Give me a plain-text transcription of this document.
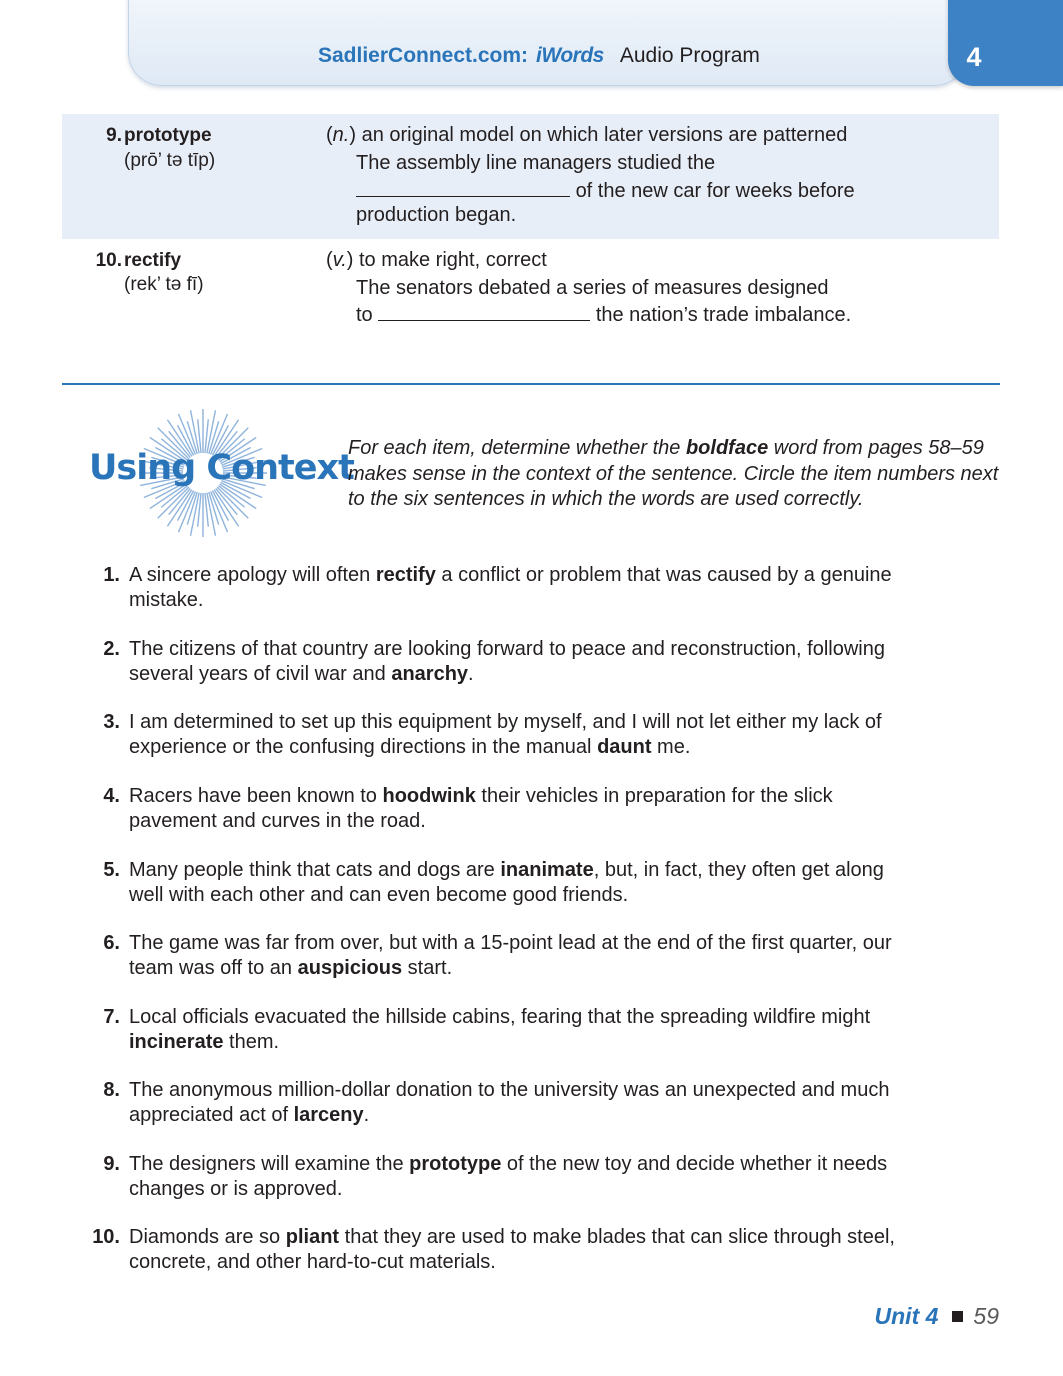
SadlierConnect.com: iWords Audio Program	4
9. prototype
(prō’ tə tīp)
(n.) an original model on which later versions are patterned
The assembly line managers studied the
of the new car for weeks before
production began.
10. rectify
(rek’ tə fī)
(v.) to make right, correct
The senators debated a series of measures designed
to	the nation’s trade imbalance.
Using Context
For each item, determine whether the boldface word from pages 58–59 makes sense in the context of the sentence. Circle the item numbers next to the six sentences in which the words are used correctly.
1. A sincere apology will often rectify a conflict or problem that was caused by a genuine mistake.
2. The citizens of that country are looking forward to peace and reconstruction, following several years of civil war and anarchy.
3. I am determined to set up this equipment by myself, and I will not let either my lack of experience or the confusing directions in the manual daunt me.
4. Racers have been known to hoodwink their vehicles in preparation for the slick pavement and curves in the road.
5. Many people think that cats and dogs are inanimate, but, in fact, they often get along well with each other and can even become good friends.
6. The game was far from over, but with a 15-point lead at the end of the first quarter, our team was off to an auspicious start.
7. Local officials evacuated the hillside cabins, fearing that the spreading wildfire might incinerate them.
8. The anonymous million-dollar donation to the university was an unexpected and much appreciated act of larceny.
9. The designers will examine the prototype of the new toy and decide whether it needs changes or is approved.
10. Diamonds are so pliant that they are used to make blades that can slice through steel, concrete, and other hard-to-cut materials.
Unit 4 59
